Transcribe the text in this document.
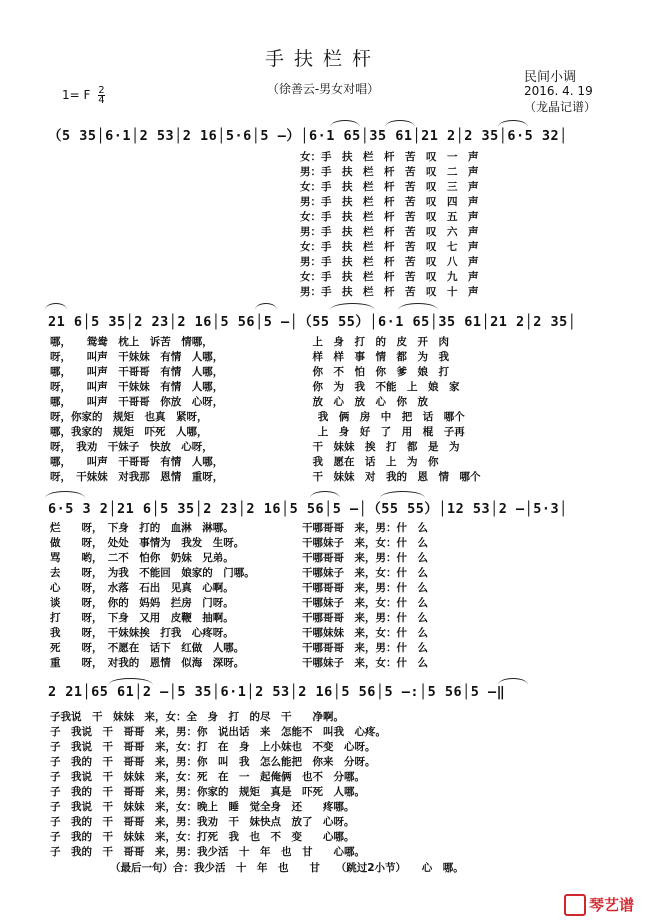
手扶栏杆
（徐善云-男女对唱）
1= F $\frac{2}{4}$
民间小调
2016. 4. 19
（龙晶记谱）
（5 35│6·1│2 53│2 16│5·6│5 –）│6·1 65│35 61│21 2│2 35│6·5 32│
女：手　扶　栏　杆　苦　叹　一　声
男：手　扶　栏　杆　苦　叹　二　声
女：手　扶　栏　杆　苦　叹　三　声
男：手　扶　栏　杆　苦　叹　四　声
女：手　扶　栏　杆　苦　叹　五　声
男：手　扶　栏　杆　苦　叹　六　声
女：手　扶　栏　杆　苦　叹　七　声
男：手　扶　栏　杆　苦　叹　八　声
女：手　扶　栏　杆　苦　叹　九　声
男：手　扶　栏　杆　苦　叹　十　声
21 6│5 35│2 23│2 16│5 56│5 –│（55 55）│6·1 65│35 61│21 2│2 35│
哪，　　鸳鸯　枕上　诉苦　情哪，　　　　　　　　　　上　身　打　的　皮　开　肉
呀，　　叫声　干妹妹　有情　人哪，　　　　　　　　　样　样　事　情　都　为　我
哪，　　叫声　干哥哥　有情　人哪，　　　　　　　　　你　不　怕　你　爹　娘　打
呀，　　叫声　干妹妹　有情　人哪，　　　　　　　　　你　为　我　不能　上　娘　家
哪，　　叫声　干哥哥　你放　心呀，　　　　　　　　　放　心　放　心　你　放
呀，你家的　规矩　也真　紧呀，　　　　　　　　　　　我　俩　房　中　把　话　哪个
哪，我家的　规矩　吓死　人哪，　　　　　　　　　　　上　身　好　了　用　棍　子再
呀，　我劝　干妹子　快放　心呀，　　　　　　　　　　干　妹妹　挨　打　都　是　为
哪，　　叫声　干哥哥　有情　人哪，　　　　　　　　　我　愿在　话　上　为　你
呀，　干妹妹　对我那　恩情　重呀，　　　　　　　　　干　妹妹　对　我的　恩　情　哪个
6·5 3 2│21 6│5 35│2 23│2 16│5 56│5 –│（55 55）│12 53│2 –│5·3│
烂　　呀，　下身　打的　血淋　淋哪。　　　　　　　干哪哥哥　来，男：什　么
做　　呀，　处处　事情为　我发　生呀。　　　　　　干哪妹子　来，女：什　么
骂　　哟，　二不　怕你　奶妹　兄弟。　　　　　　　干哪哥哥　来，男：什　么
去　　呀，　为我　不能回　娘家的　门哪。　　　　　干哪妹子　来，女：什　么
心　　呀，　水落　石出　见真　心啊。　　　　　　　干哪哥哥　来，男：什　么
谈　　呀，　你的　妈妈　拦房　门呀。　　　　　　　干哪妹子　来，女：什　么
打　　呀，　下身　又用　皮鞭　抽啊。　　　　　　　干哪哥哥　来，男：什　么
我　　呀，　干妹妹挨　打我　心疼呀。　　　　　　　干哪妹妹　来，女：什　么
死　　呀，　不愿在　话下　红做　人哪。　　　　　　干哪哥哥　来，男：什　么
重　　呀，　对我的　恩情　似海　深呀。　　　　　　干哪妹子　来，女：什　么
2 21│65 61│2 –│5 35│6·1│2 53│2 16│5 56│5 –:│5 56│5 –‖
子我说　干　妹妹　来，女：全　身　打　的尽　干　　净啊。
子　我说　干　哥哥　来，男：你　说出话　来　怎能不　叫我　心疼。
子　我说　干　哥哥　来，女：打　在　身　上小妹也　不变　心呀。
子　我的　干　哥哥　来，男：你　叫　我　怎么能把　你来　分呀。
子　我说　干　妹妹　来，女：死　在　一　起俺俩　也不　分哪。
子　我的　干　哥哥　来，男：你家的　规矩　真是　吓死　人哪。
子　我说　干　妹妹　来，女：晚上　睡　觉全身　还　　疼哪。
子　我的　干　哥哥　来，男：我劝　干　妹快点　放了　心呀。
子　我的　干　妹妹　来，女：打死　我　也　不　变　　心哪。
子　我的　干　哥哥　来，男：我少活　十　年　也　甘　　心哪。
（最后一句）合：我少活　十　年　也　　甘　　（跳过2小节）　　心　哪。
琴艺谱
